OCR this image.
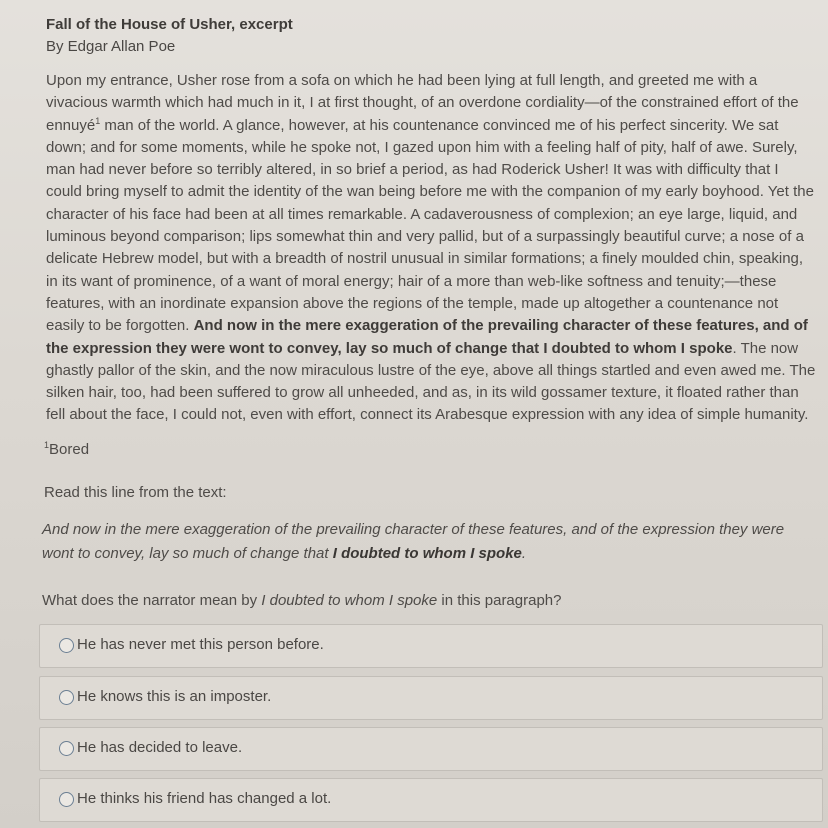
Fall of the House of Usher, excerpt
By Edgar Allan Poe
Upon my entrance, Usher rose from a sofa on which he had been lying at full length, and greeted me with a vivacious warmth which had much in it, I at first thought, of an overdone cordiality—of the constrained effort of the ennuyé$^1$ man of the world. A glance, however, at his countenance convinced me of his perfect sincerity. We sat down; and for some moments, while he spoke not, I gazed upon him with a feeling half of pity, half of awe. Surely, man had never before so terribly altered, in so brief a period, as had Roderick Usher! It was with difficulty that I could bring myself to admit the identity of the wan being before me with the companion of my early boyhood. Yet the character of his face had been at all times remarkable. A cadaverousness of complexion; an eye large, liquid, and luminous beyond comparison; lips somewhat thin and very pallid, but of a surpassingly beautiful curve; a nose of a delicate Hebrew model, but with a breadth of nostril unusual in similar formations; a finely moulded chin, speaking, in its want of prominence, of a want of moral energy; hair of a more than web-like softness and tenuity;—these features, with an inordinate expansion above the regions of the temple, made up altogether a countenance not easily to be forgotten. And now in the mere exaggeration of the prevailing character of these features, and of the expression they were wont to convey, lay so much of change that I doubted to whom I spoke. The now ghastly pallor of the skin, and the now miraculous lustre of the eye, above all things startled and even awed me. The silken hair, too, had been suffered to grow all unheeded, and as, in its wild gossamer texture, it floated rather than fell about the face, I could not, even with effort, connect its Arabesque expression with any idea of simple humanity.
$^1$Bored
Read this line from the text:
And now in the mere exaggeration of the prevailing character of these features, and of the expression they were wont to convey, lay so much of change that I doubted to whom I spoke.
What does the narrator mean by I doubted to whom I spoke in this paragraph?
He has never met this person before.
He knows this is an imposter.
He has decided to leave.
He thinks his friend has changed a lot.
